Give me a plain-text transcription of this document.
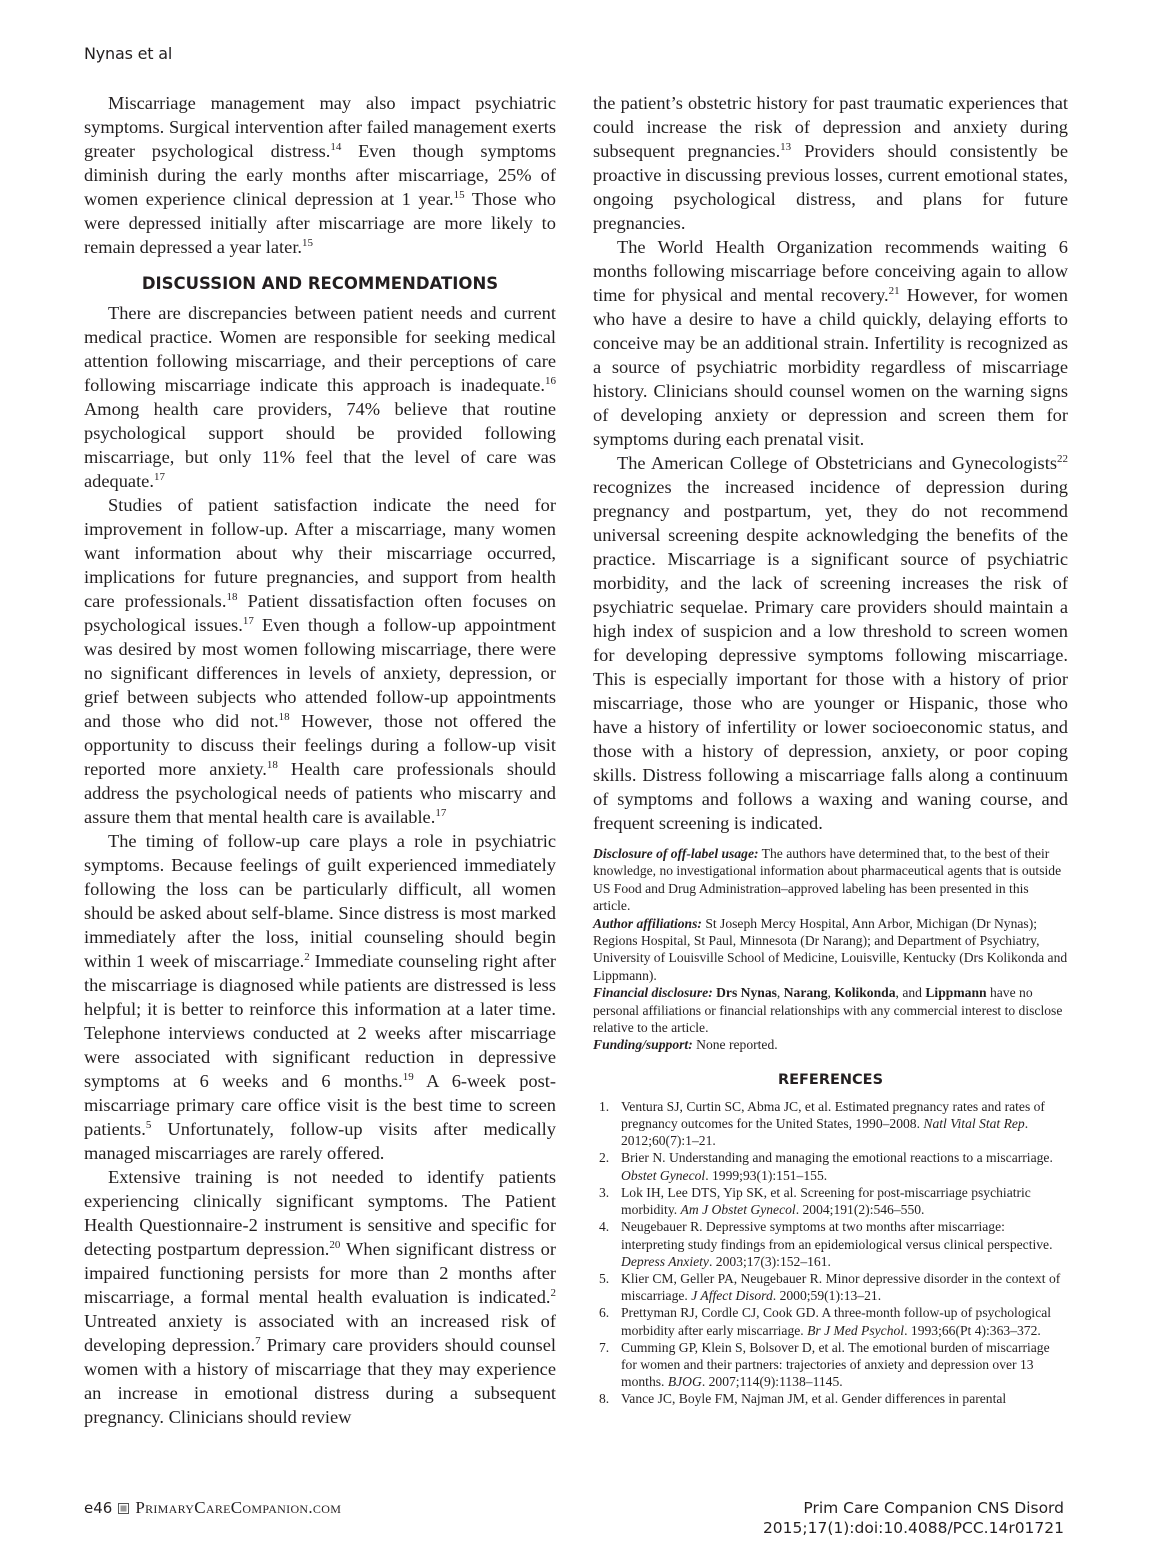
Nynas et al

Miscarriage management may also impact psychiatric symptoms. Surgical intervention after failed management exerts greater psychological distress.$^{14}$ Even though symptoms diminish during the early months after miscarriage, 25% of women experience clinical depression at 1 year.$^{15}$ Those who were depressed initially after miscarriage are more likely to remain depressed a year later.$^{15}$

DISCUSSION AND RECOMMENDATIONS

There are discrepancies between patient needs and current medical practice. Women are responsible for seeking medical attention following miscarriage, and their perceptions of care following miscarriage indicate this approach is inadequate.$^{16}$ Among health care providers, 74% believe that routine psychological support should be provided following miscarriage, but only 11% feel that the level of care was adequate.$^{17}$

Studies of patient satisfaction indicate the need for improvement in follow-up. After a miscarriage, many women want information about why their miscarriage occurred, implications for future pregnancies, and support from health care professionals.$^{18}$ Patient dissatisfaction often focuses on psychological issues.$^{17}$ Even though a follow-up appointment was desired by most women following miscarriage, there were no significant differences in levels of anxiety, depression, or grief between subjects who attended follow-up appointments and those who did not.$^{18}$ However, those not offered the opportunity to discuss their feelings during a follow-up visit reported more anxiety.$^{18}$ Health care professionals should address the psychological needs of patients who miscarry and assure them that mental health care is available.$^{17}$

The timing of follow-up care plays a role in psychiatric symptoms. Because feelings of guilt experienced immediately following the loss can be particularly difficult, all women should be asked about self-blame. Since distress is most marked immediately after the loss, initial counseling should begin within 1 week of miscarriage.$^2$ Immediate counseling right after the miscarriage is diagnosed while patients are distressed is less helpful; it is better to reinforce this information at a later time. Telephone interviews conducted at 2 weeks after miscarriage were associated with significant reduction in depressive symptoms at 6 weeks and 6 months.$^{19}$ A 6-week post-miscarriage primary care office visit is the best time to screen patients.$^5$ Unfortunately, follow-up visits after medically managed miscarriages are rarely offered.

Extensive training is not needed to identify patients experiencing clinically significant symptoms. The Patient Health Questionnaire-2 instrument is sensitive and specific for detecting postpartum depression.$^{20}$ When significant distress or impaired functioning persists for more than 2 months after miscarriage, a formal mental health evaluation is indicated.$^2$ Untreated anxiety is associated with an increased risk of developing depression.$^7$ Primary care providers should counsel women with a history of miscarriage that they may experience an increase in emotional distress during a subsequent pregnancy. Clinicians should review

the patient’s obstetric history for past traumatic experiences that could increase the risk of depression and anxiety during subsequent pregnancies.$^{13}$ Providers should consistently be proactive in discussing previous losses, current emotional states, ongoing psychological distress, and plans for future pregnancies.

The World Health Organization recommends waiting 6 months following miscarriage before conceiving again to allow time for physical and mental recovery.$^{21}$ However, for women who have a desire to have a child quickly, delaying efforts to conceive may be an additional strain. Infertility is recognized as a source of psychiatric morbidity regardless of miscarriage history. Clinicians should counsel women on the warning signs of developing anxiety or depression and screen them for symptoms during each prenatal visit.

The American College of Obstetricians and Gynecologists$^{22}$ recognizes the increased incidence of depression during pregnancy and postpartum, yet, they do not recommend universal screening despite acknowledging the benefits of the practice. Miscarriage is a significant source of psychiatric morbidity, and the lack of screening increases the risk of psychiatric sequelae. Primary care providers should maintain a high index of suspicion and a low threshold to screen women for developing depressive symptoms following miscarriage. This is especially important for those with a history of prior miscarriage, those who are younger or Hispanic, those who have a history of infertility or lower socioeconomic status, and those with a history of depression, anxiety, or poor coping skills. Distress following a miscarriage falls along a continuum of symptoms and follows a waxing and waning course, and frequent screening is indicated.

Disclosure of off-label usage: The authors have determined that, to the best of their knowledge, no investigational information about pharmaceutical agents that is outside US Food and Drug Administration–approved labeling has been presented in this article.

Author affiliations: St Joseph Mercy Hospital, Ann Arbor, Michigan (Dr Nynas); Regions Hospital, St Paul, Minnesota (Dr Narang); and Department of Psychiatry, University of Louisville School of Medicine, Louisville, Kentucky (Drs Kolikonda and Lippmann).

Financial disclosure: Drs Nynas, Narang, Kolikonda, and Lippmann have no personal affiliations or financial relationships with any commercial interest to disclose relative to the article.

Funding/support: None reported.

REFERENCES
1. Ventura SJ, Curtin SC, Abma JC, et al. Estimated pregnancy rates and rates of pregnancy outcomes for the United States, 1990–2008. Natl Vital Stat Rep. 2012;60(7):1–21.
2. Brier N. Understanding and managing the emotional reactions to a miscarriage. Obstet Gynecol. 1999;93(1):151–155.
3. Lok IH, Lee DTS, Yip SK, et al. Screening for post-miscarriage psychiatric morbidity. Am J Obstet Gynecol. 2004;191(2):546–550.
4. Neugebauer R. Depressive symptoms at two months after miscarriage: interpreting study findings from an epidemiological versus clinical perspective. Depress Anxiety. 2003;17(3):152–161.
5. Klier CM, Geller PA, Neugebauer R. Minor depressive disorder in the context of miscarriage. J Affect Disord. 2000;59(1):13–21.
6. Prettyman RJ, Cordle CJ, Cook GD. A three-month follow-up of psychological morbidity after early miscarriage. Br J Med Psychol. 1993;66(Pt 4):363–372.
7. Cumming GP, Klein S, Bolsover D, et al. The emotional burden of miscarriage for women and their partners: trajectories of anxiety and depression over 13 months. BJOG. 2007;114(9):1138–1145.
8. Vance JC, Boyle FM, Najman JM, et al. Gender differences in parental
e46 PrimaryCareCompanion.com	Prim Care Companion CNS Disord
2015;17(1):doi:10.4088/PCC.14r01721
